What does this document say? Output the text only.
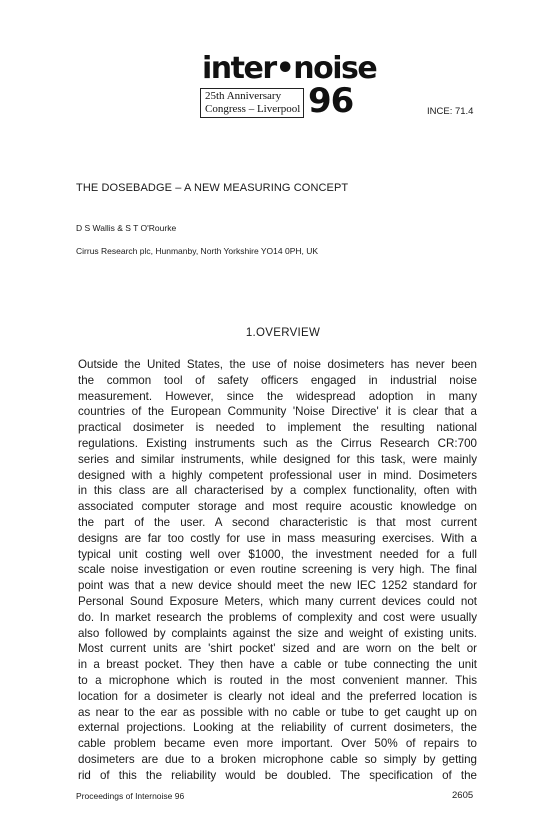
inter•noise
25th Anniversary
Congress – Liverpool 96	INCE: 71.4
THE DOSEBADGE – A NEW MEASURING CONCEPT
D S Wallis & S T O'Rourke
Cirrus Research plc, Hunmanby, North Yorkshire YO14 0PH, UK
1.OVERVIEW
Outside the United States, the use of noise dosimeters has never been
the common tool of safety officers engaged in industrial noise
measurement. However, since the widespread adoption in many
countries of the European Community 'Noise Directive' it is clear that a
practical dosimeter is needed to implement the resulting national
regulations. Existing instruments such as the Cirrus Research CR:700
series and similar instruments, while designed for this task, were mainly
designed with a highly competent professional user in mind. Dosimeters
in this class are all characterised by a complex functionality, often with
associated computer storage and most require acoustic knowledge on
the part of the user. A second characteristic is that most current
designs are far too costly for use in mass measuring exercises. With a
typical unit costing well over $1000, the investment needed for a full
scale noise investigation or even routine screening is very high. The final
point was that a new device should meet the new IEC 1252 standard for
Personal Sound Exposure Meters, which many current devices could not
do. In market research the problems of complexity and cost were usually
also followed by complaints against the size and weight of existing units.
Most current units are 'shirt pocket' sized and are worn on the belt or
in a breast pocket. They then have a cable or tube connecting the unit
to a microphone which is routed in the most convenient manner. This
location for a dosimeter is clearly not ideal and the preferred location is
as near to the ear as possible with no cable or tube to get caught up on
external projections. Looking at the reliability of current dosimeters, the
cable problem became even more important. Over 50% of repairs to
dosimeters are due to a broken microphone cable so simply by getting
rid of this the reliability would be doubled. The specification of the
Proceedings of Internoise 96	2605
